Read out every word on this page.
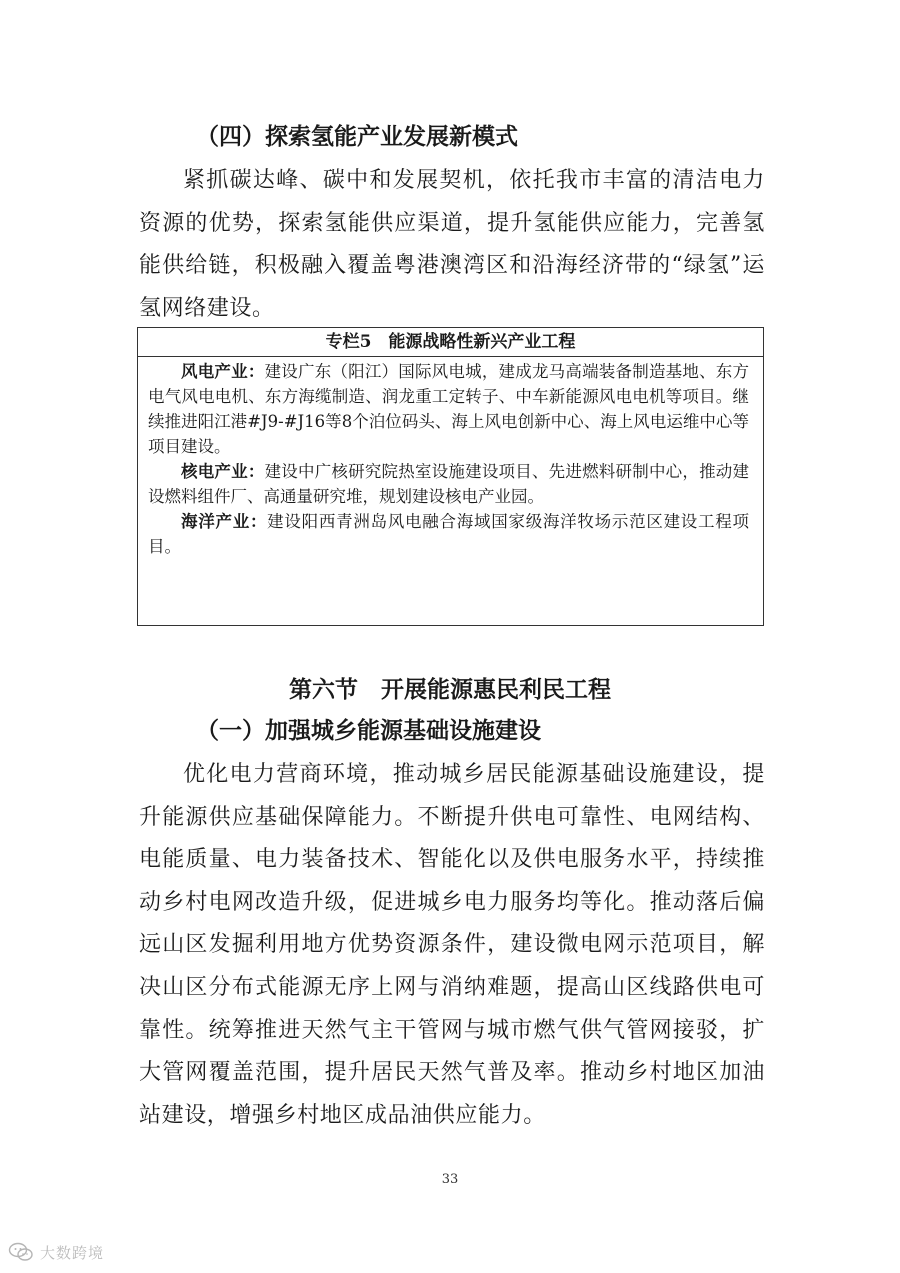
（四）探索氢能产业发展新模式
紧抓碳达峰、碳中和发展契机，依托我市丰富的清洁电力资源的优势，探索氢能供应渠道，提升氢能供应能力，完善氢能供给链，积极融入覆盖粤港澳湾区和沿海经济带的“绿氢”运氢网络建设。
专栏5　能源战略性新兴产业工程

风电产业：建设广东（阳江）国际风电城，建成龙马高端装备制造基地、东方电气风电电机、东方海缆制造、润龙重工定转子、中车新能源风电电机等项目。继续推进阳江港#J9-#J16等8个泊位码头、海上风电创新中心、海上风电运维中心等项目建设。

核电产业：建设中广核研究院热室设施建设项目、先进燃料研制中心，推动建设燃料组件厂、高通量研究堆，规划建设核电产业园。

海洋产业：建设阳西青洲岛风电融合海域国家级海洋牧场示范区建设工程项目。

第六节　开展能源惠民利民工程
（一）加强城乡能源基础设施建设
优化电力营商环境，推动城乡居民能源基础设施建设，提升能源供应基础保障能力。不断提升供电可靠性、电网结构、电能质量、电力装备技术、智能化以及供电服务水平，持续推动乡村电网改造升级，促进城乡电力服务均等化。推动落后偏远山区发掘利用地方优势资源条件，建设微电网示范项目，解决山区分布式能源无序上网与消纳难题，提高山区线路供电可靠性。统筹推进天然气主干管网与城市燃气供气管网接驳，扩大管网覆盖范围，提升居民天然气普及率。推动乡村地区加油站建设，增强乡村地区成品油供应能力。
33
大数跨境
